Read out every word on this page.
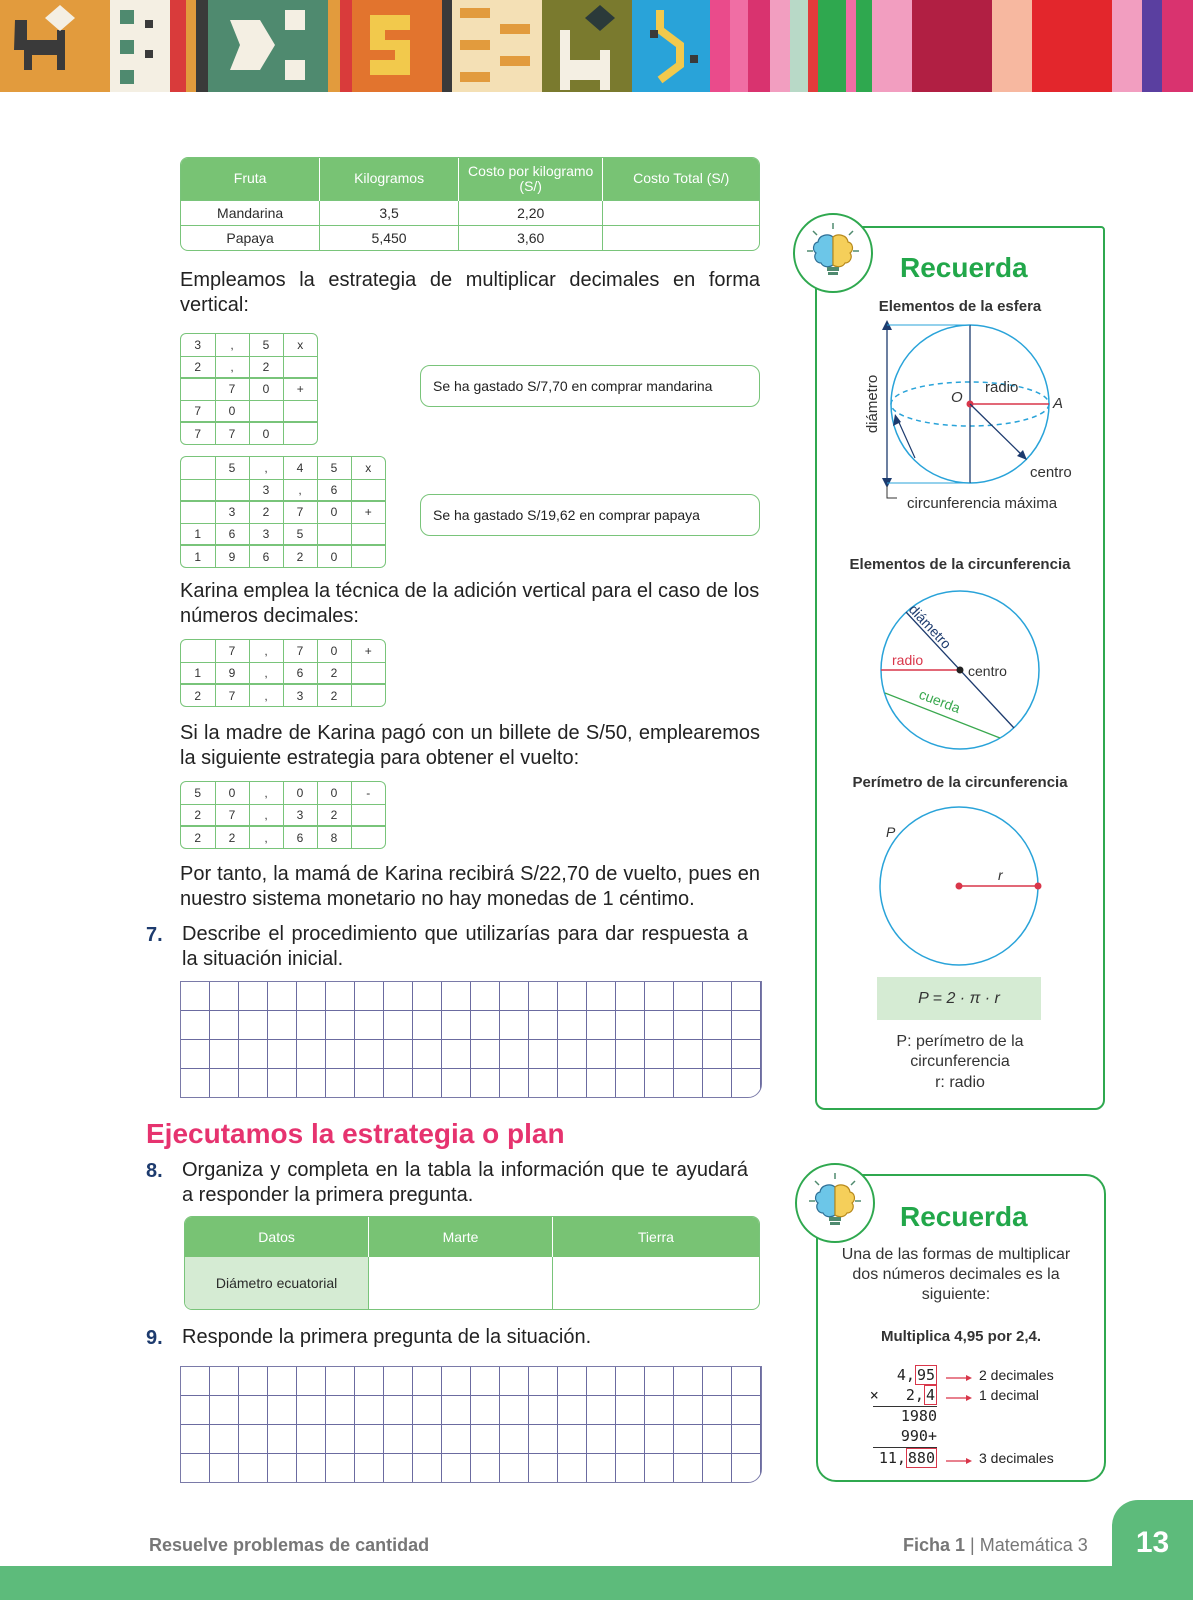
Fruta	Kilogramos	Costo por kilogramo (S/)	Costo Total (S/)
Mandarina	3,5	2,20	
Papaya	5,450	3,60	
Empleamos la estrategia de multiplicar decimales en forma vertical:
3	,	5	x
2	,	2	
	7	0	+
7	0		
7	7	0	
Se ha gastado S/7,70 en comprar mandarina
	5	,	4	5	x
		3	,	6	
	3	2	7	0	+
1	6	3	5		
1	9	6	2	0	
Se ha gastado S/19,62 en comprar papaya
Karina emplea la técnica de la adición vertical para el caso de los números decimales:
	7	,	7	0	+
1	9	,	6	2	
2	7	,	3	2	
Si la madre de Karina pagó con un billete de S/50, emplearemos la siguiente estrategia para obtener el vuelto:
5	0	,	0	0	-
2	7	,	3	2	
2	2	,	6	8	
Por tanto, la mamá de Karina recibirá S/22,70 de vuelto, pues en nuestro sistema monetario no hay monedas de 1 céntimo.
7. Describe el procedimiento que utilizarías para dar respuesta a la situación inicial.
Ejecutamos la estrategia o plan
8. Organiza y completa en la tabla la información que te ayudará a responder la primera pregunta.
Datos	Marte	Tierra
Diámetro ecuatorial		
9. Responde la primera pregunta de la situación.
Recuerda
Elementos de la esfera
diámetro	O
radio
A
centro
circunferencia máxima
Elementos de la circunferencia
diámetro
radio
centro
cuerda
Perímetro de la circunferencia
P
r
P = 2 · π · r
P: perímetro de la circunferencia
r: radio
Recuerda
Una de las formas de multiplicar dos números decimales es la siguiente:
Multiplica 4,95 por 2,4.
4, 95
×   2, 4
1980
990+
11, 880
2 decimales
1 decimal
3 decimales
Resuelve problemas de cantidad	Ficha 1 | Matemática 3	13
